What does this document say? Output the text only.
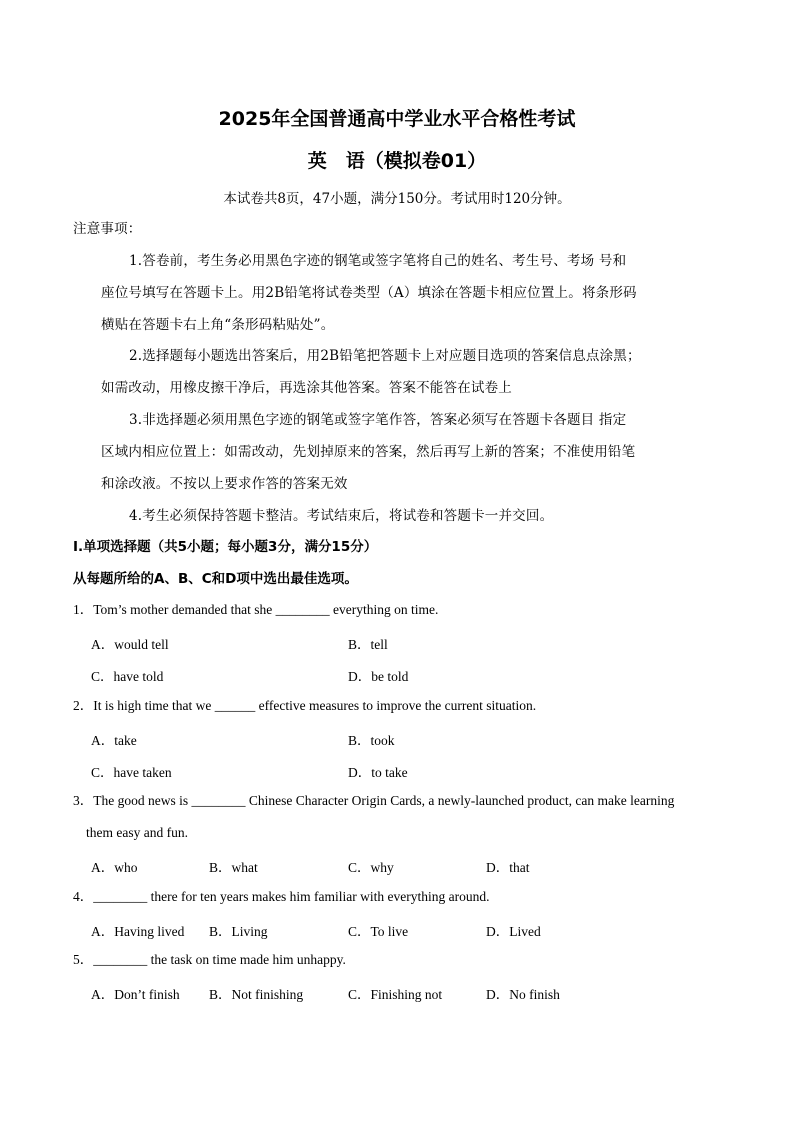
2025年全国普通高中学业水平合格性考试
英　语（模拟卷01）
本试卷共8页，47小题，满分150分。考试用时120分钟。
注意事项：
1.答卷前，考生务必用黑色字迹的钢笔或签字笔将自己的姓名、考生号、考场 号和
座位号填写在答题卡上。用2B铅笔将试卷类型（A）填涂在答题卡相应位置上。将条形码
横贴在答题卡右上角“条形码粘贴处”。
2.选择题每小题选出答案后，用2B铅笔把答题卡上对应题目选项的答案信息点涂黑；
如需改动，用橡皮擦干净后，再选涂其他答案。答案不能答在试卷上
3.非选择题必须用黑色字迹的钢笔或签字笔作答，答案必须写在答题卡各题目 指定
区域内相应位置上：如需改动，先划掉原来的答案，然后再写上新的答案；不准使用铅笔
和涂改液。不按以上要求作答的答案无效
4.考生必须保持答题卡整洁。考试结束后，将试卷和答题卡一并交回。
I.单项选择题（共5小题；每小题3分，满分15分）
从每题所给的A、B、C和D项中选出最佳选项。
1．Tom’s mother demanded that she ________ everything on time.
A．would tell	B．tell
C．have told	D．be told
2．It is high time that we ______ effective measures to improve the current situation.
A．take	B．took
C．have taken	D．to take
3．The good news is ________ Chinese Character Origin Cards, a newly-launched product, can make learning
them easy and fun.
A．who	B．what	C．why	D．that
4．________ there for ten years makes him familiar with everything around.
A．Having lived B．Living	C．To live	D．Lived
5．________ the task on time made him unhappy.
A．Don’t finish B．Not finishing	C．Finishing not	D．No finish
